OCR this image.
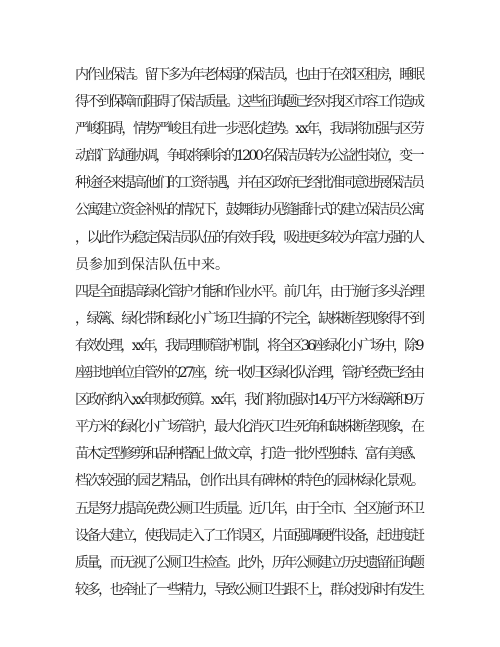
内作业保洁。留下多为年老体弱的保洁员，也由于在郊区租房，睡眠
得不到保障而阻碍了保洁质量。这些征询题已经对我区市容工作造成
严峻阻碍，情势严峻且有进一步恶化趋势。xx年，我局将加强与区劳
动部门沟通协调，争取将剩余的1200名保洁员转为公益性岗位，变一
种途径来提高他们的工资待遇，并在区政府已经批准同意进展保洁员
公寓建立资金补贴的情况下，鼓舞街办见缝插针式的建立保洁员公寓
，以此作为稳定保洁员队伍的有效手段，吸进更多较为年富力强的人
员参加到保洁队伍中来。
四是全面提高绿化管护才能和作业水平。前几年，由于施行多头治理
，绿篱、绿化带和绿化小广场卫生搞的不完全，缺株断垄现象得不到
有效处理，xx年，我局理顺管护机制，将全区36座绿化小广场中，除9
座驻地单位自管外的27座，统一收归区绿化队治理，管护经费已经由
区政府纳入xx年财政预算。xx年，我们将加强对14万平方米绿篱和9万
平方米的绿化小广场管护，最大化消灭卫生死角和缺株断垄现象，在
苗木定型修剪和品种搭配上做文章，打造一批外型独特、富有美感、
档次较强的园艺精品，创作出具有碑林的特色的园林绿化景观。
五是努力提高免费公厕卫生质量。近几年，由于全市、全区施行环卫
设备大建立，使我局走入了工作误区，片面强调硬件设备，赶进度赶
质量，而无视了公厕卫生检查。此外，历年公厕建立历史遗留征询题
较多，也牵扯了一些精力，导致公厕卫生跟不上，群众投诉时有发生
